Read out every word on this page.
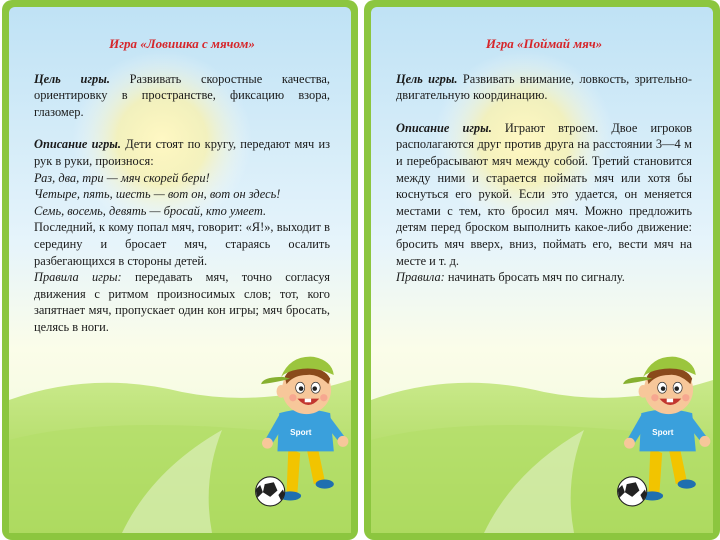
Игра «Ловишка с мячом»

Цель игры. Развивать скоростные качества, ориентировку в пространстве, фиксацию взора, глазомер.

Описание игры. Дети стоят по кругу, передают мяч из рук в руки, произнося:

Раз, два, три — мяч скорей бери!

Четыре, пять, шесть — вот он, вот он здесь!

Семь, восемь, девять — бросай, кто умеет.

Последний, к кому попал мяч, говорит: «Я!», выходит в середину и бросает мяч, стараясь осалить разбегающихся в стороны детей.

Правила игры: передавать мяч, точно согласуя движения с ритмом произносимых слов; тот, кого запятнает мяч, пропускает один кон игры; мяч бросать, целясь в ноги.

Игра «Поймай мяч»

Цель игры. Развивать внимание, ловкость, зрительно-двигательную координацию.

Описание игры. Играют втроем. Двое игроков располагаются друг против друга на расстоянии 3—4 м и перебрасывают мяч между собой. Третий становится между ними и старается поймать мяч или хотя бы коснуться его рукой. Если это удается, он меняется местами с тем, кто бросил мяч. Можно предложить детям перед броском выполнить какое-либо движение: бросить мяч вверх, вниз, поймать его, вести мяч на месте и т. д.

Правила: начинать бросать мяч по сигналу.
